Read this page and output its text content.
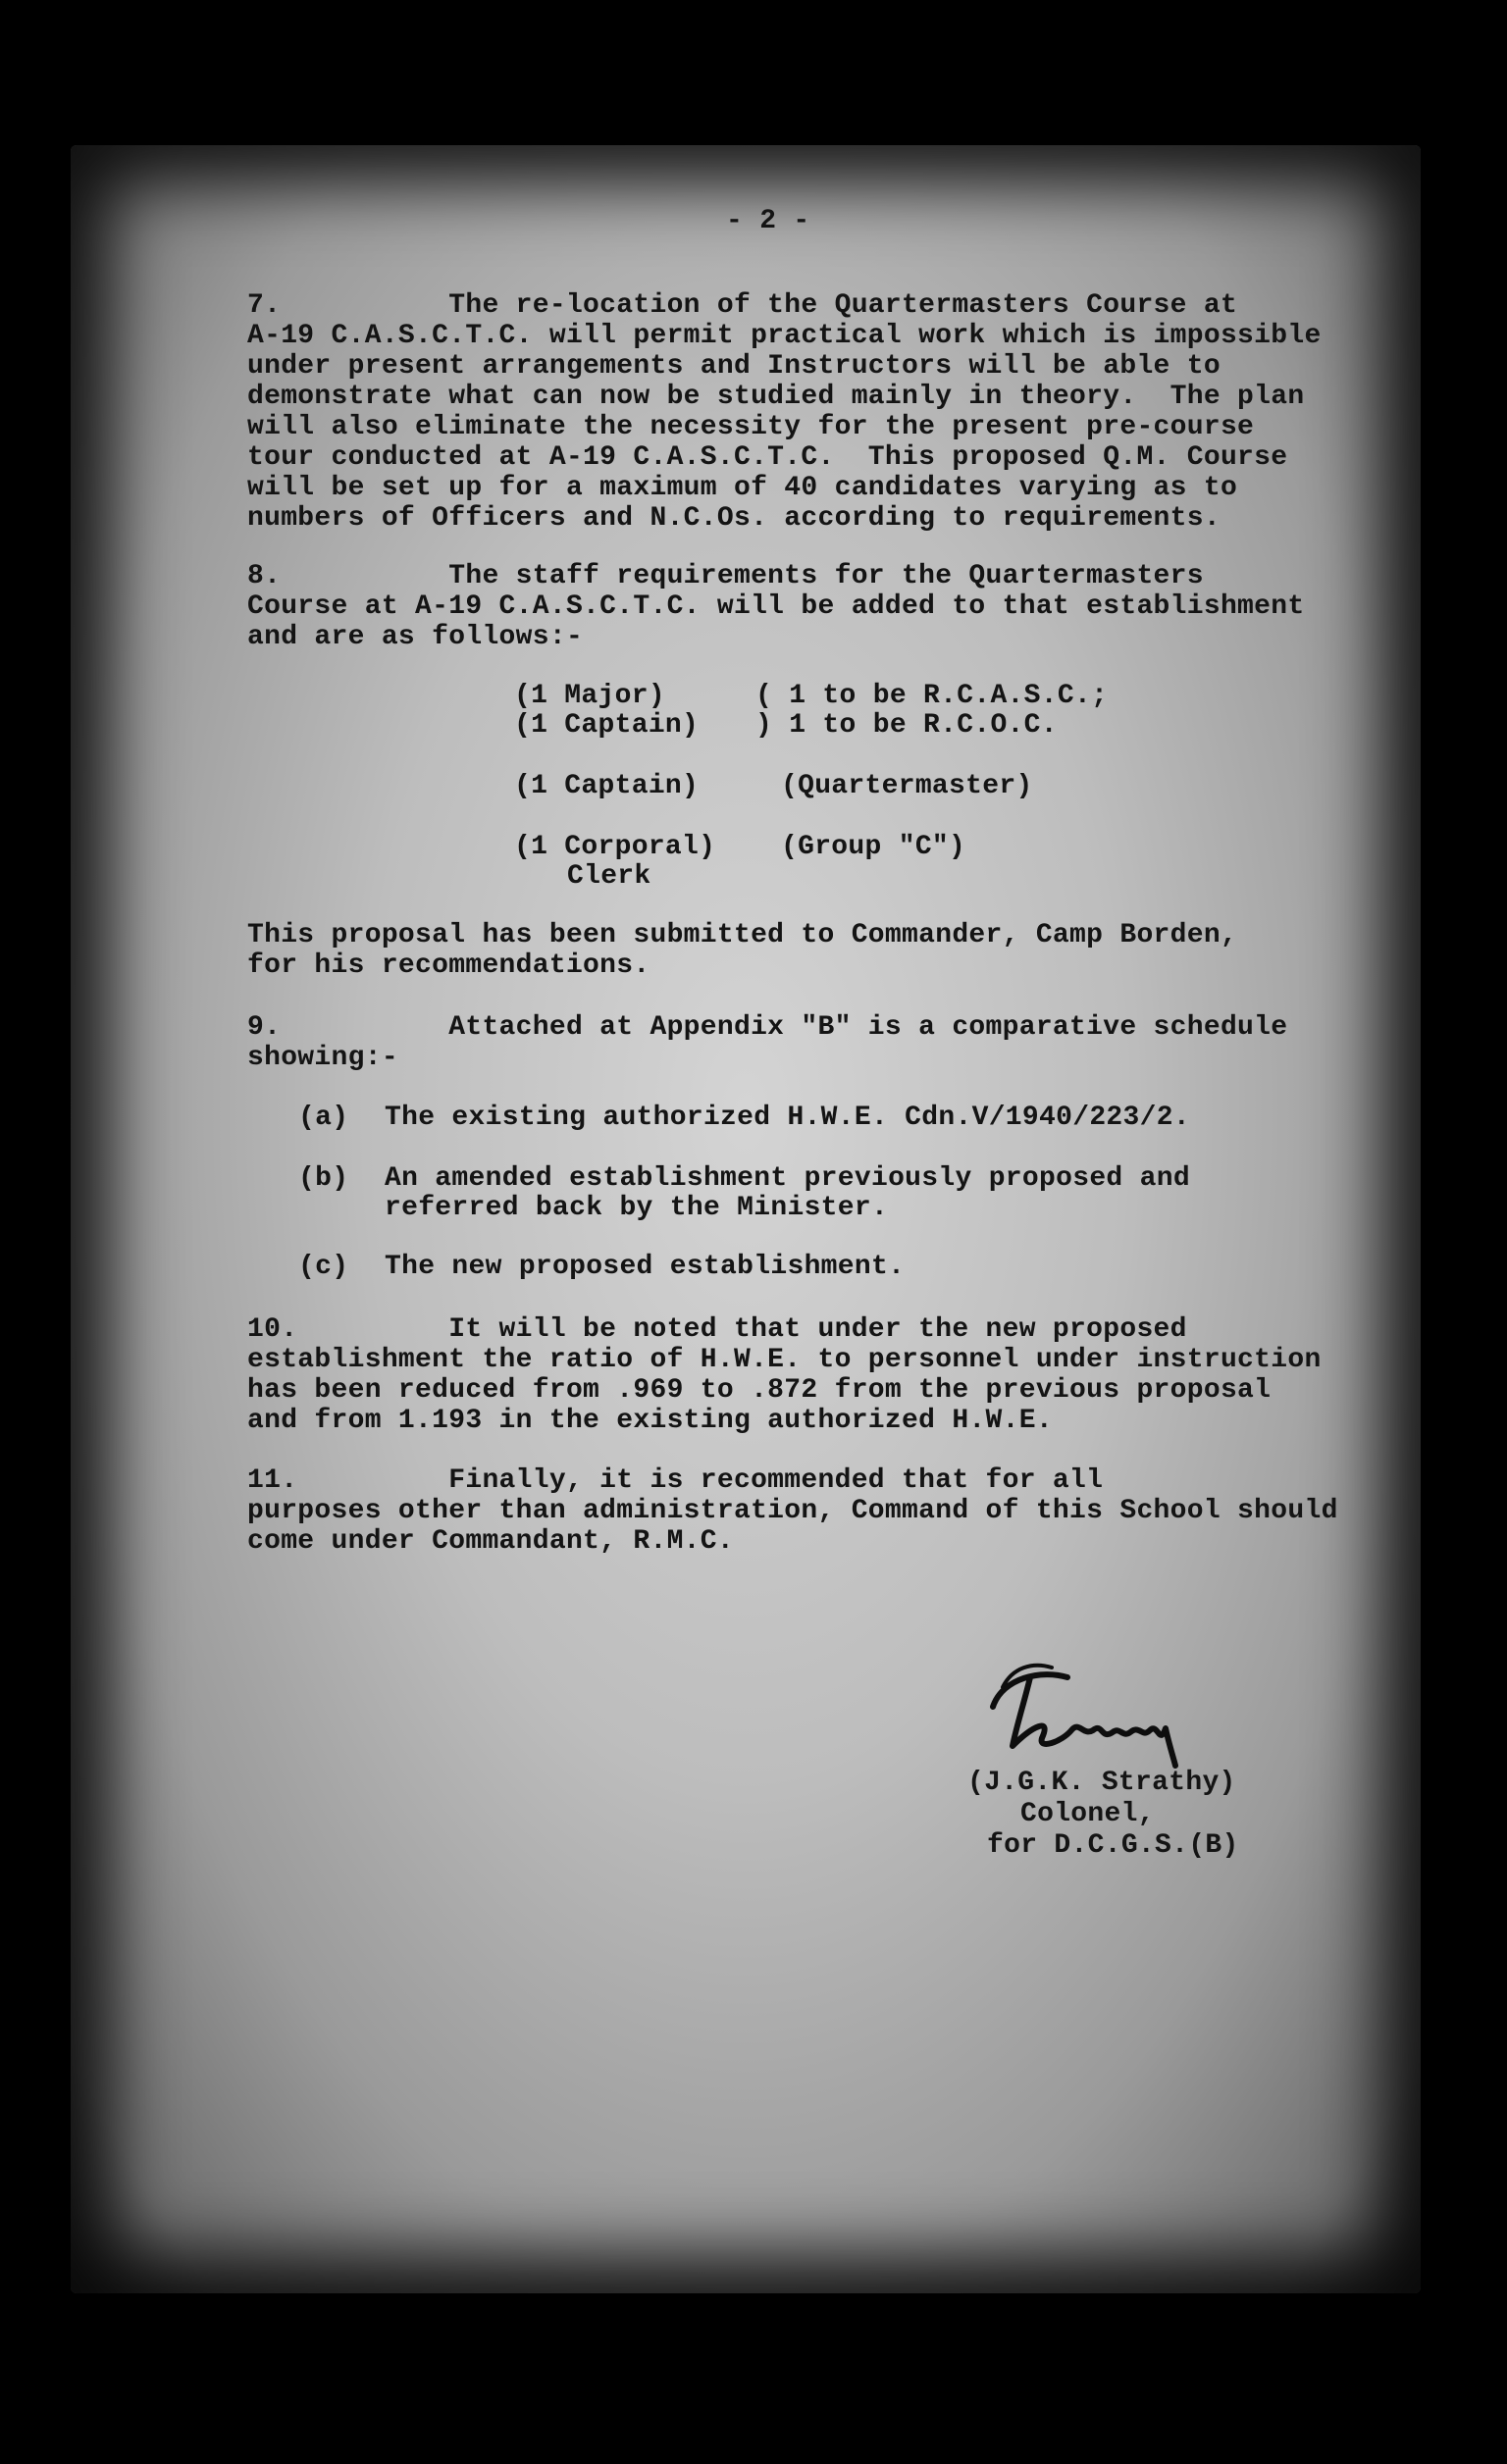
- 2 -
7.          The re-location of the Quartermasters Course at
A-19 C.A.S.C.T.C. will permit practical work which is impossible
under present arrangements and Instructors will be able to
demonstrate what can now be studied mainly in theory.  The plan
will also eliminate the necessity for the present pre-course
tour conducted at A-19 C.A.S.C.T.C.  This proposed Q.M. Course
will be set up for a maximum of 40 candidates varying as to
numbers of Officers and N.C.Os. according to requirements.
8.          The staff requirements for the Quartermasters
Course at A-19 C.A.S.C.T.C. will be added to that establishment
and are as follows:-
(1 Major)	( 1 to be R.C.A.S.C.;
(1 Captain) ) 1 to be R.C.O.C.
(1 Captain)	(Quartermaster)
(1 Corporal) (Group "C")
Clerk
This proposal has been submitted to Commander, Camp Borden,
for his recommendations.
9.          Attached at Appendix "B" is a comparative schedule
showing:-
(a) The existing authorized H.W.E. Cdn.V/1940/223/2.
(b) An amended establishment previously proposed and
referred back by the Minister.
(c) The new proposed establishment.
10.         It will be noted that under the new proposed
establishment the ratio of H.W.E. to personnel under instruction
has been reduced from .969 to .872 from the previous proposal
and from 1.193 in the existing authorized H.W.E.
11.         Finally, it is recommended that for all
purposes other than administration, Command of this School should
come under Commandant, R.M.C.
(J.G.K. Strathy)
Colonel,
for D.C.G.S.(B)
